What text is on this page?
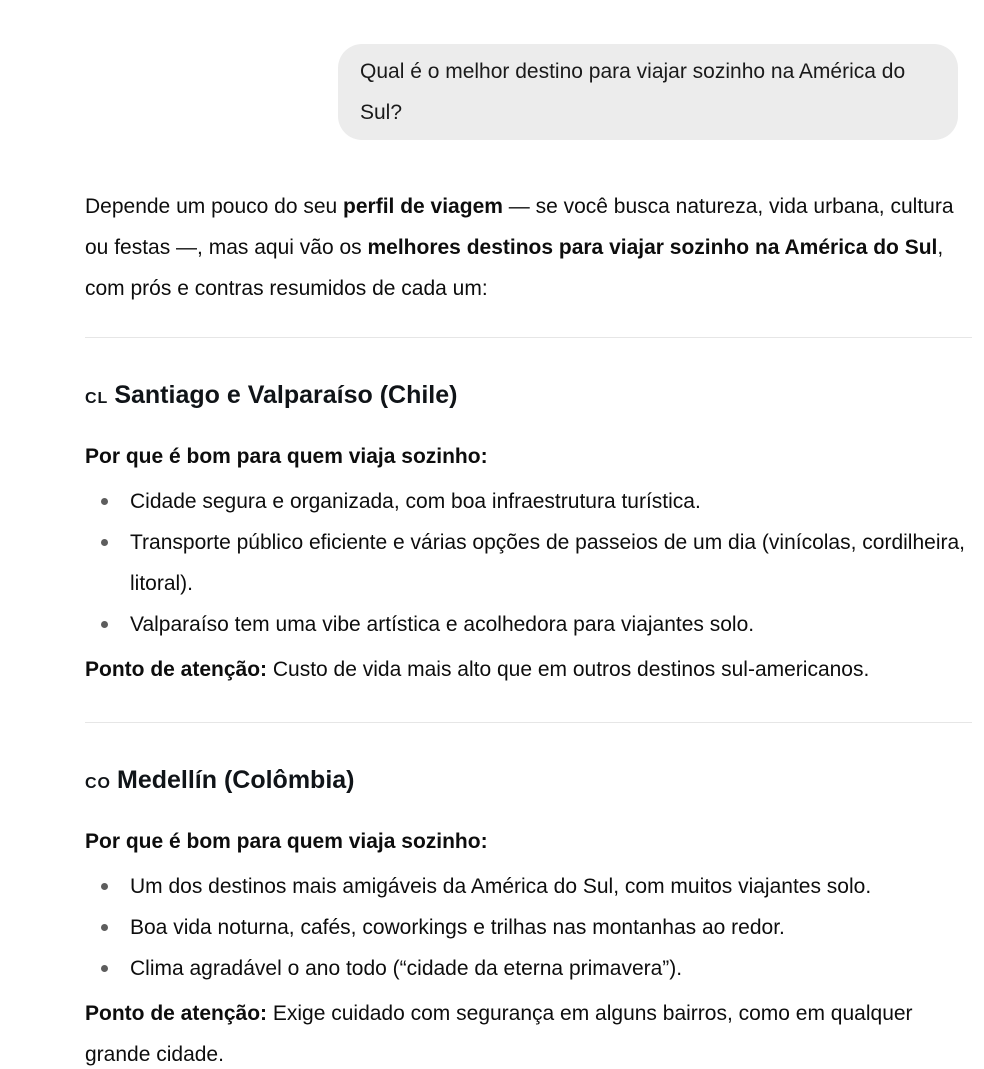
Qual é o melhor destino para viajar sozinho na América do Sul?

Depende um pouco do seu perfil de viagem — se você busca natureza, vida urbana, cultura ou festas —, mas aqui vão os melhores destinos para viajar sozinho na América do Sul, com prós e contras resumidos de cada um:

CL Santiago e Valparaíso (Chile)

Por que é bom para quem viaja sozinho:

Cidade segura e organizada, com boa infraestrutura turística.
Transporte público eficiente e várias opções de passeios de um dia (vinícolas, cordilheira, litoral).
Valparaíso tem uma vibe artística e acolhedora para viajantes solo.

Ponto de atenção: Custo de vida mais alto que em outros destinos sul-americanos.

CO Medellín (Colômbia)

Por que é bom para quem viaja sozinho:

Um dos destinos mais amigáveis da América do Sul, com muitos viajantes solo.
Boa vida noturna, cafés, coworkings e trilhas nas montanhas ao redor.
Clima agradável o ano todo (“cidade da eterna primavera”).

Ponto de atenção: Exige cuidado com segurança em alguns bairros, como em qualquer grande cidade.
